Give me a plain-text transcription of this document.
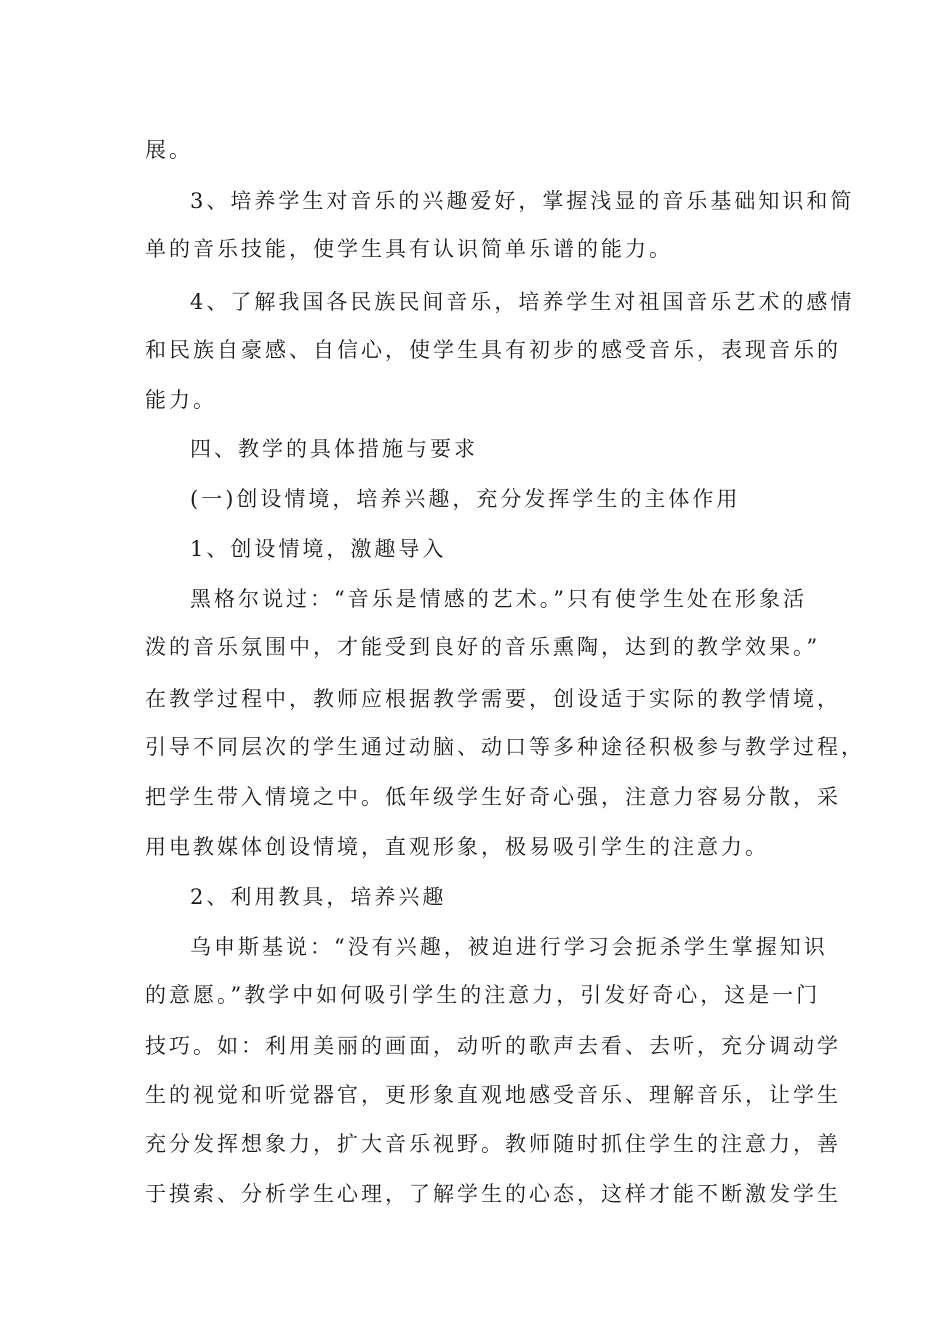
展。
3、培养学生对音乐的兴趣爱好，掌握浅显的音乐基础知识和简
单的音乐技能，使学生具有认识简单乐谱的能力。
4、了解我国各民族民间音乐，培养学生对祖国音乐艺术的感情
和民族自豪感、自信心，使学生具有初步的感受音乐，表现音乐的
能力。
四、教学的具体措施与要求
(一)创设情境，培养兴趣，充分发挥学生的主体作用
1、创设情境，激趣导入
黑格尔说过：“音乐是情感的艺术。”只有使学生处在形象活
泼的音乐氛围中，才能受到良好的音乐熏陶，达到的教学效果。”
在教学过程中，教师应根据教学需要，创设适于实际的教学情境，
引导不同层次的学生通过动脑、动口等多种途径积极参与教学过程，
把学生带入情境之中。低年级学生好奇心强，注意力容易分散，采
用电教媒体创设情境，直观形象，极易吸引学生的注意力。
2、利用教具，培养兴趣
乌申斯基说：“没有兴趣，被迫进行学习会扼杀学生掌握知识
的意愿。”教学中如何吸引学生的注意力，引发好奇心，这是一门
技巧。如：利用美丽的画面，动听的歌声去看、去听，充分调动学
生的视觉和听觉器官，更形象直观地感受音乐、理解音乐，让学生
充分发挥想象力，扩大音乐视野。教师随时抓住学生的注意力，善
于摸索、分析学生心理，了解学生的心态，这样才能不断激发学生
